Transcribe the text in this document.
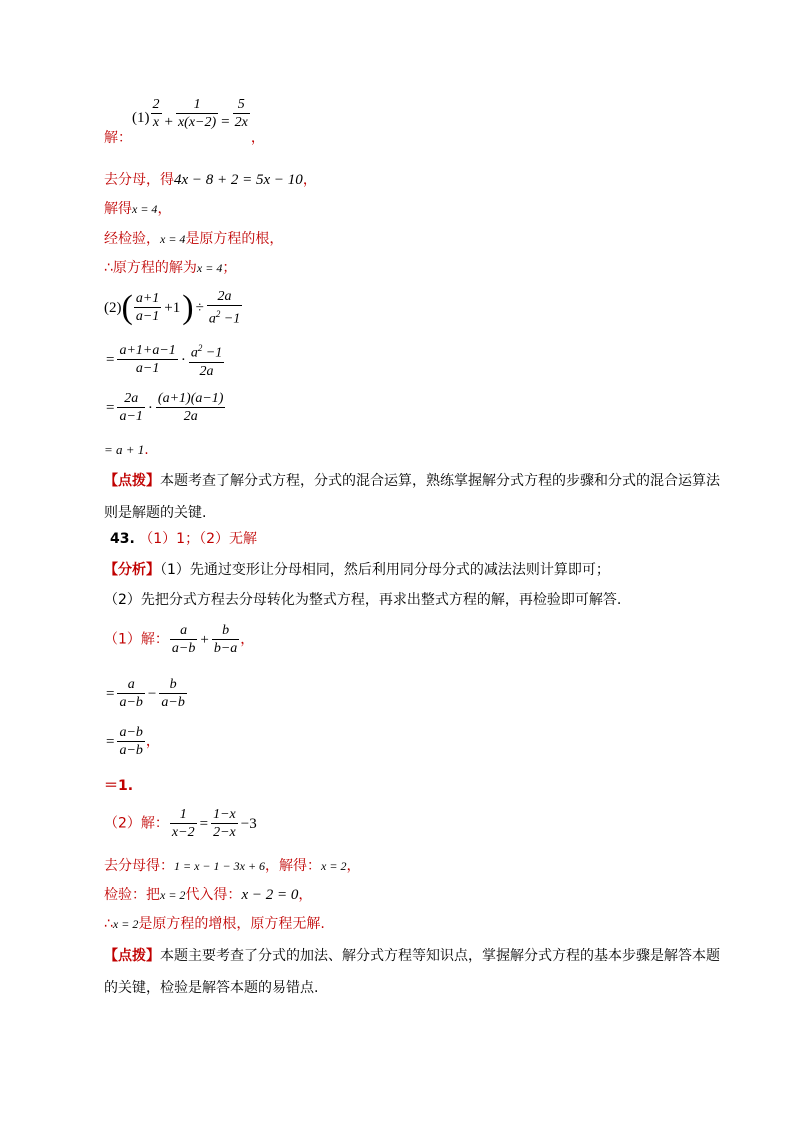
解：$(1) \frac{2}{x} + \frac{1}{x(x-2)} = \frac{5}{2x}$
，
去分母，得4x − 8 + 2 = 5x − 10，
解得x = 4，
经检验，x = 4是原方程的根，
∴原方程的解为x = 4；
$(2)( \frac{a+1}{a-1} +1) \div \frac{2a}{a^2 -1}$
= $\frac{a+1+a-1}{a-1} \cdot \frac{a^2 -1}{2a}$
= $\frac{2a}{a-1} \cdot \frac{(a+1)(a-1)}{2a}$
= a + 1.
【点拨】本题考查了解分式方程，分式的混合运算，熟练掌握解分式方程的步骤和分式的混合运算法则是解题的关键.
43. （1）1；（2）无解
【分析】（1）先通过变形让分母相同，然后利用同分母分式的减法法则计算即可；
（2）先把分式方程去分母转化为整式方程，再求出整式方程的解，再检验即可解答.
（1）解： $\frac{a}{a-b} + \frac{b}{b-a}$ ，
= $\frac{a}{a-b} - \frac{b}{a-b}$
= $\frac{a-b}{a-b}$ ，
＝1.
（2）解： $\frac{1}{x-2} = \frac{1-x}{2-x} -3$
去分母得：1 = x − 1 − 3x + 6，解得：x = 2，
检验：把x = 2代入得：x − 2 = 0，
∴x = 2是原方程的增根，原方程无解.
【点拨】本题主要考查了分式的加法、解分式方程等知识点，掌握解分式方程的基本步骤是解答本题的关键，检验是解答本题的易错点.
